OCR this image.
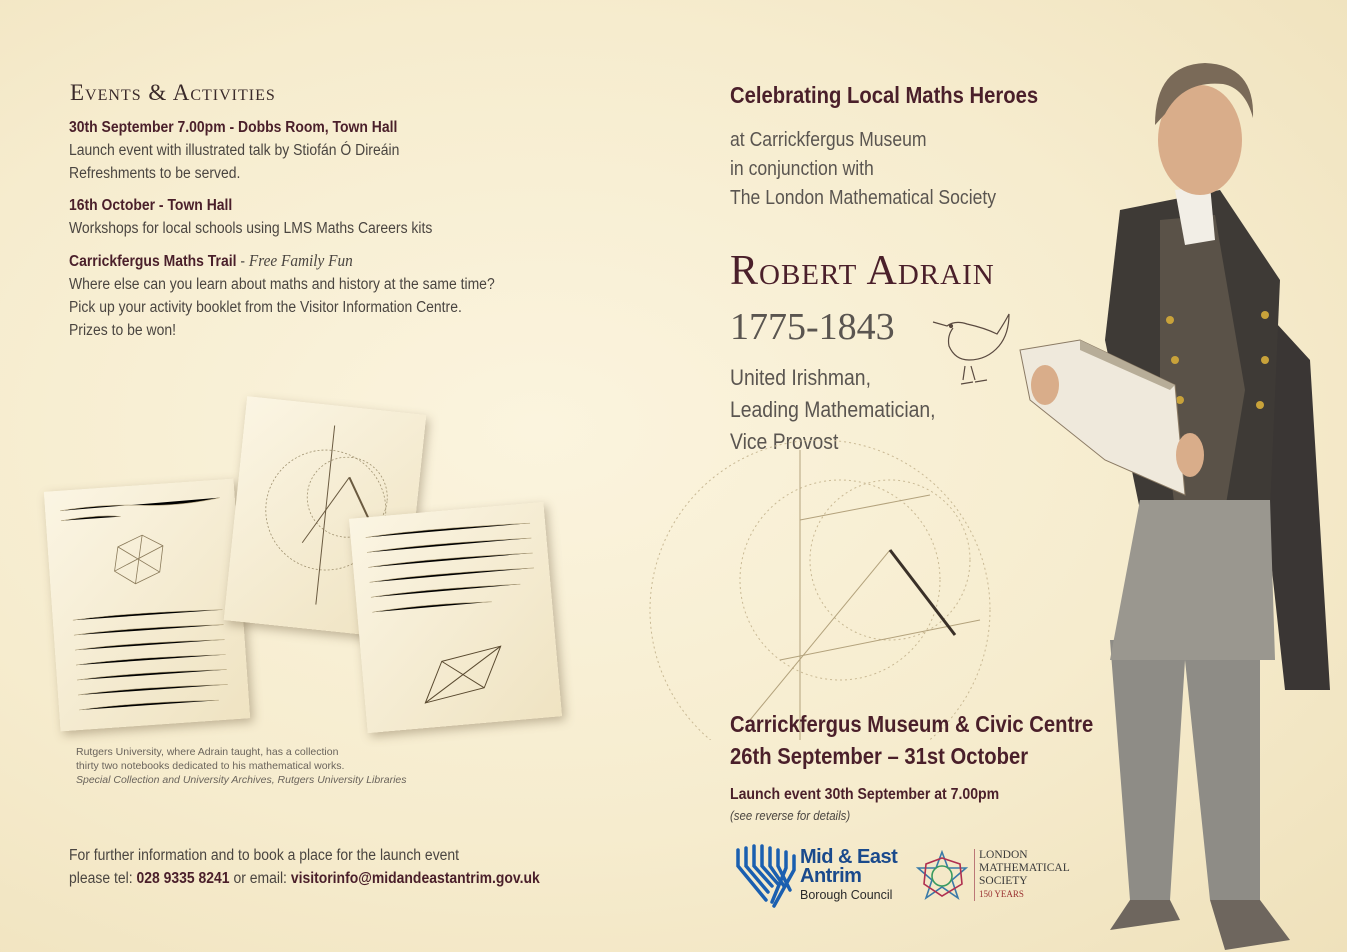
Events & Activities
30th September 7.00pm - Dobbs Room, Town Hall
Launch event with illustrated talk by Stiofán Ó Direáin
Refreshments to be served.
16th October - Town Hall
Workshops for local schools using LMS Maths Careers kits
Carrickfergus Maths Trail - Free Family Fun
Where else can you learn about maths and history at the same time?
Pick up your activity booklet from the Visitor Information Centre.
Prizes to be won!
Rutgers University, where Adrain taught, has a collection
thirty two notebooks dedicated to his mathematical works.
Special Collection and University Archives, Rutgers University Libraries
For further information and to book a place for the launch event
please tel: 028 9335 8241 or email: visitorinfo@midandeastantrim.gov.uk
Celebrating Local Maths Heroes
at Carrickfergus Museum
in conjunction with
The London Mathematical Society
Robert Adrain
1775-1843
United Irishman,
Leading Mathematician,
Vice Provost
Carrickfergus Museum & Civic Centre
26th September – 31st October
Launch event 30th September at 7.00pm
(see reverse for details)
Mid & East
Antrim
Borough Council
LONDON
MATHEMATICAL
SOCIETY
150 YEARS
